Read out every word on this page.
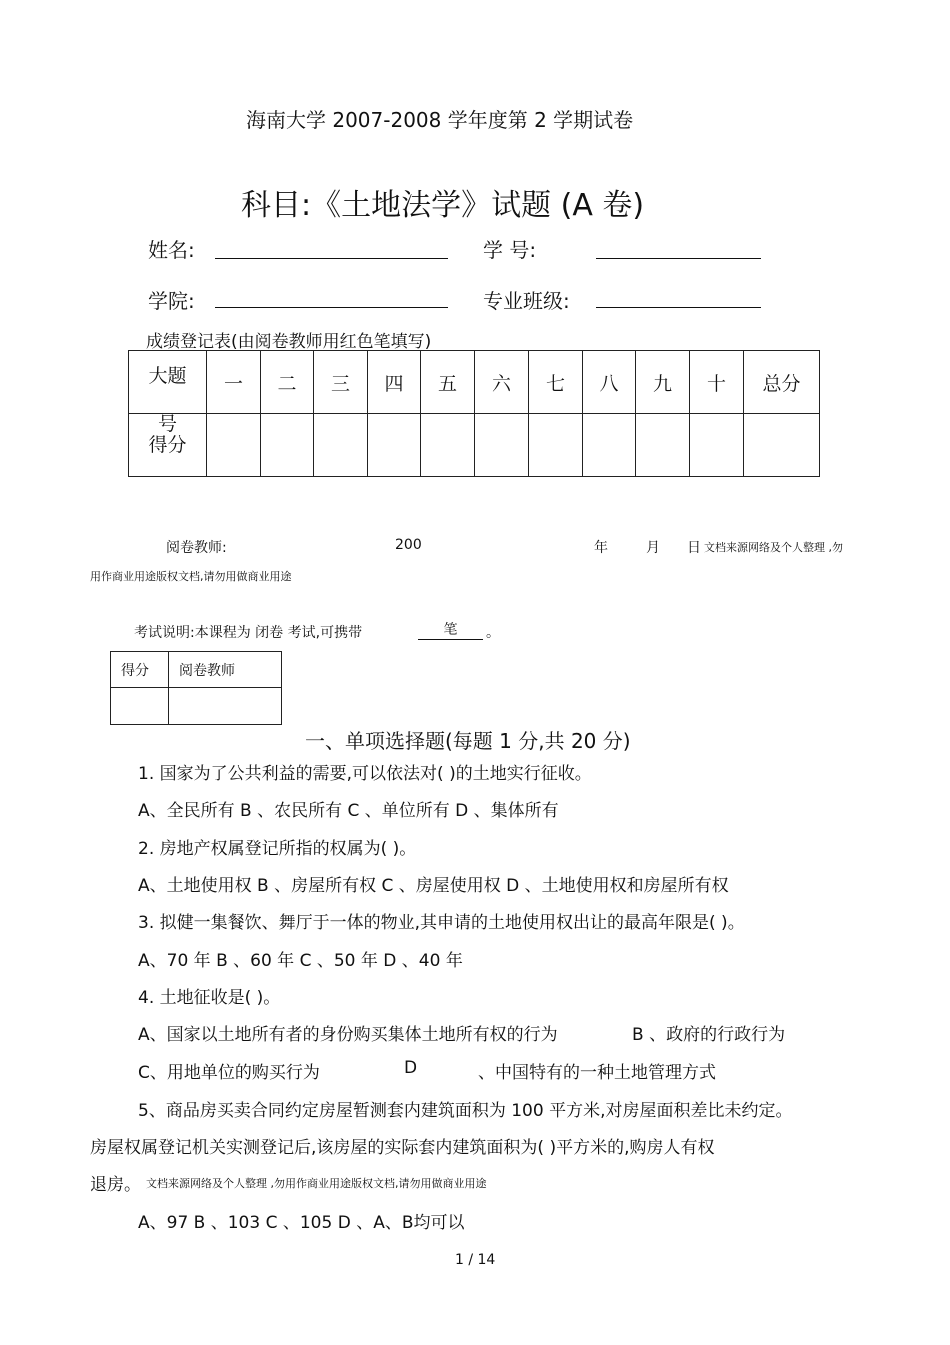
海南大学 2007-2008 学年度第 2 学期试卷
科目:《土地法学》试题 (A 卷)
姓名:	学 号:
学院:	专业班级:
成绩登记表(由阅卷教师用红色笔填写)
大题	一	二	三	四	五	六	七	八	九	十	总分

号
得分											

阅卷教师:	200	年	月 日 文档来源网络及个人整理 ,勿
用作商业用途版权文档,请勿用做商业用途
考试说明:本课程为 闭卷 考试,可携带	笔	。
得分	阅卷教师

一、单项选择题(每题 1 分,共 20 分)
1. 国家为了公共利益的需要,可以依法对( )的土地实行征收。
A、全民所有 B 、农民所有 C 、单位所有 D 、集体所有
2. 房地产权属登记所指的权属为( )。
A、土地使用权 B 、房屋所有权 C 、房屋使用权 D 、土地使用权和房屋所有权
3. 拟健一集餐饮、舞厅于一体的物业,其申请的土地使用权出让的最高年限是( )。
A、70 年 B 、60 年 C 、50 年 D 、40 年
4. 土地征收是( )。
A、国家以土地所有者的身份购买集体土地所有权的行为	B 、政府的行政行为
C、用地单位的购买行为	D	、中国特有的一种土地管理方式
5、商品房买卖合同约定房屋暂测套内建筑面积为 100 平方米,对房屋面积差比未约定。
房屋权属登记机关实测登记后,该房屋的实际套内建筑面积为( )平方米的,购房人有权
退房。 文档来源网络及个人整理 ,勿用作商业用途版权文档,请勿用做商业用途
A、97 B 、103 C 、105 D 、A、B均可以
1 / 14
